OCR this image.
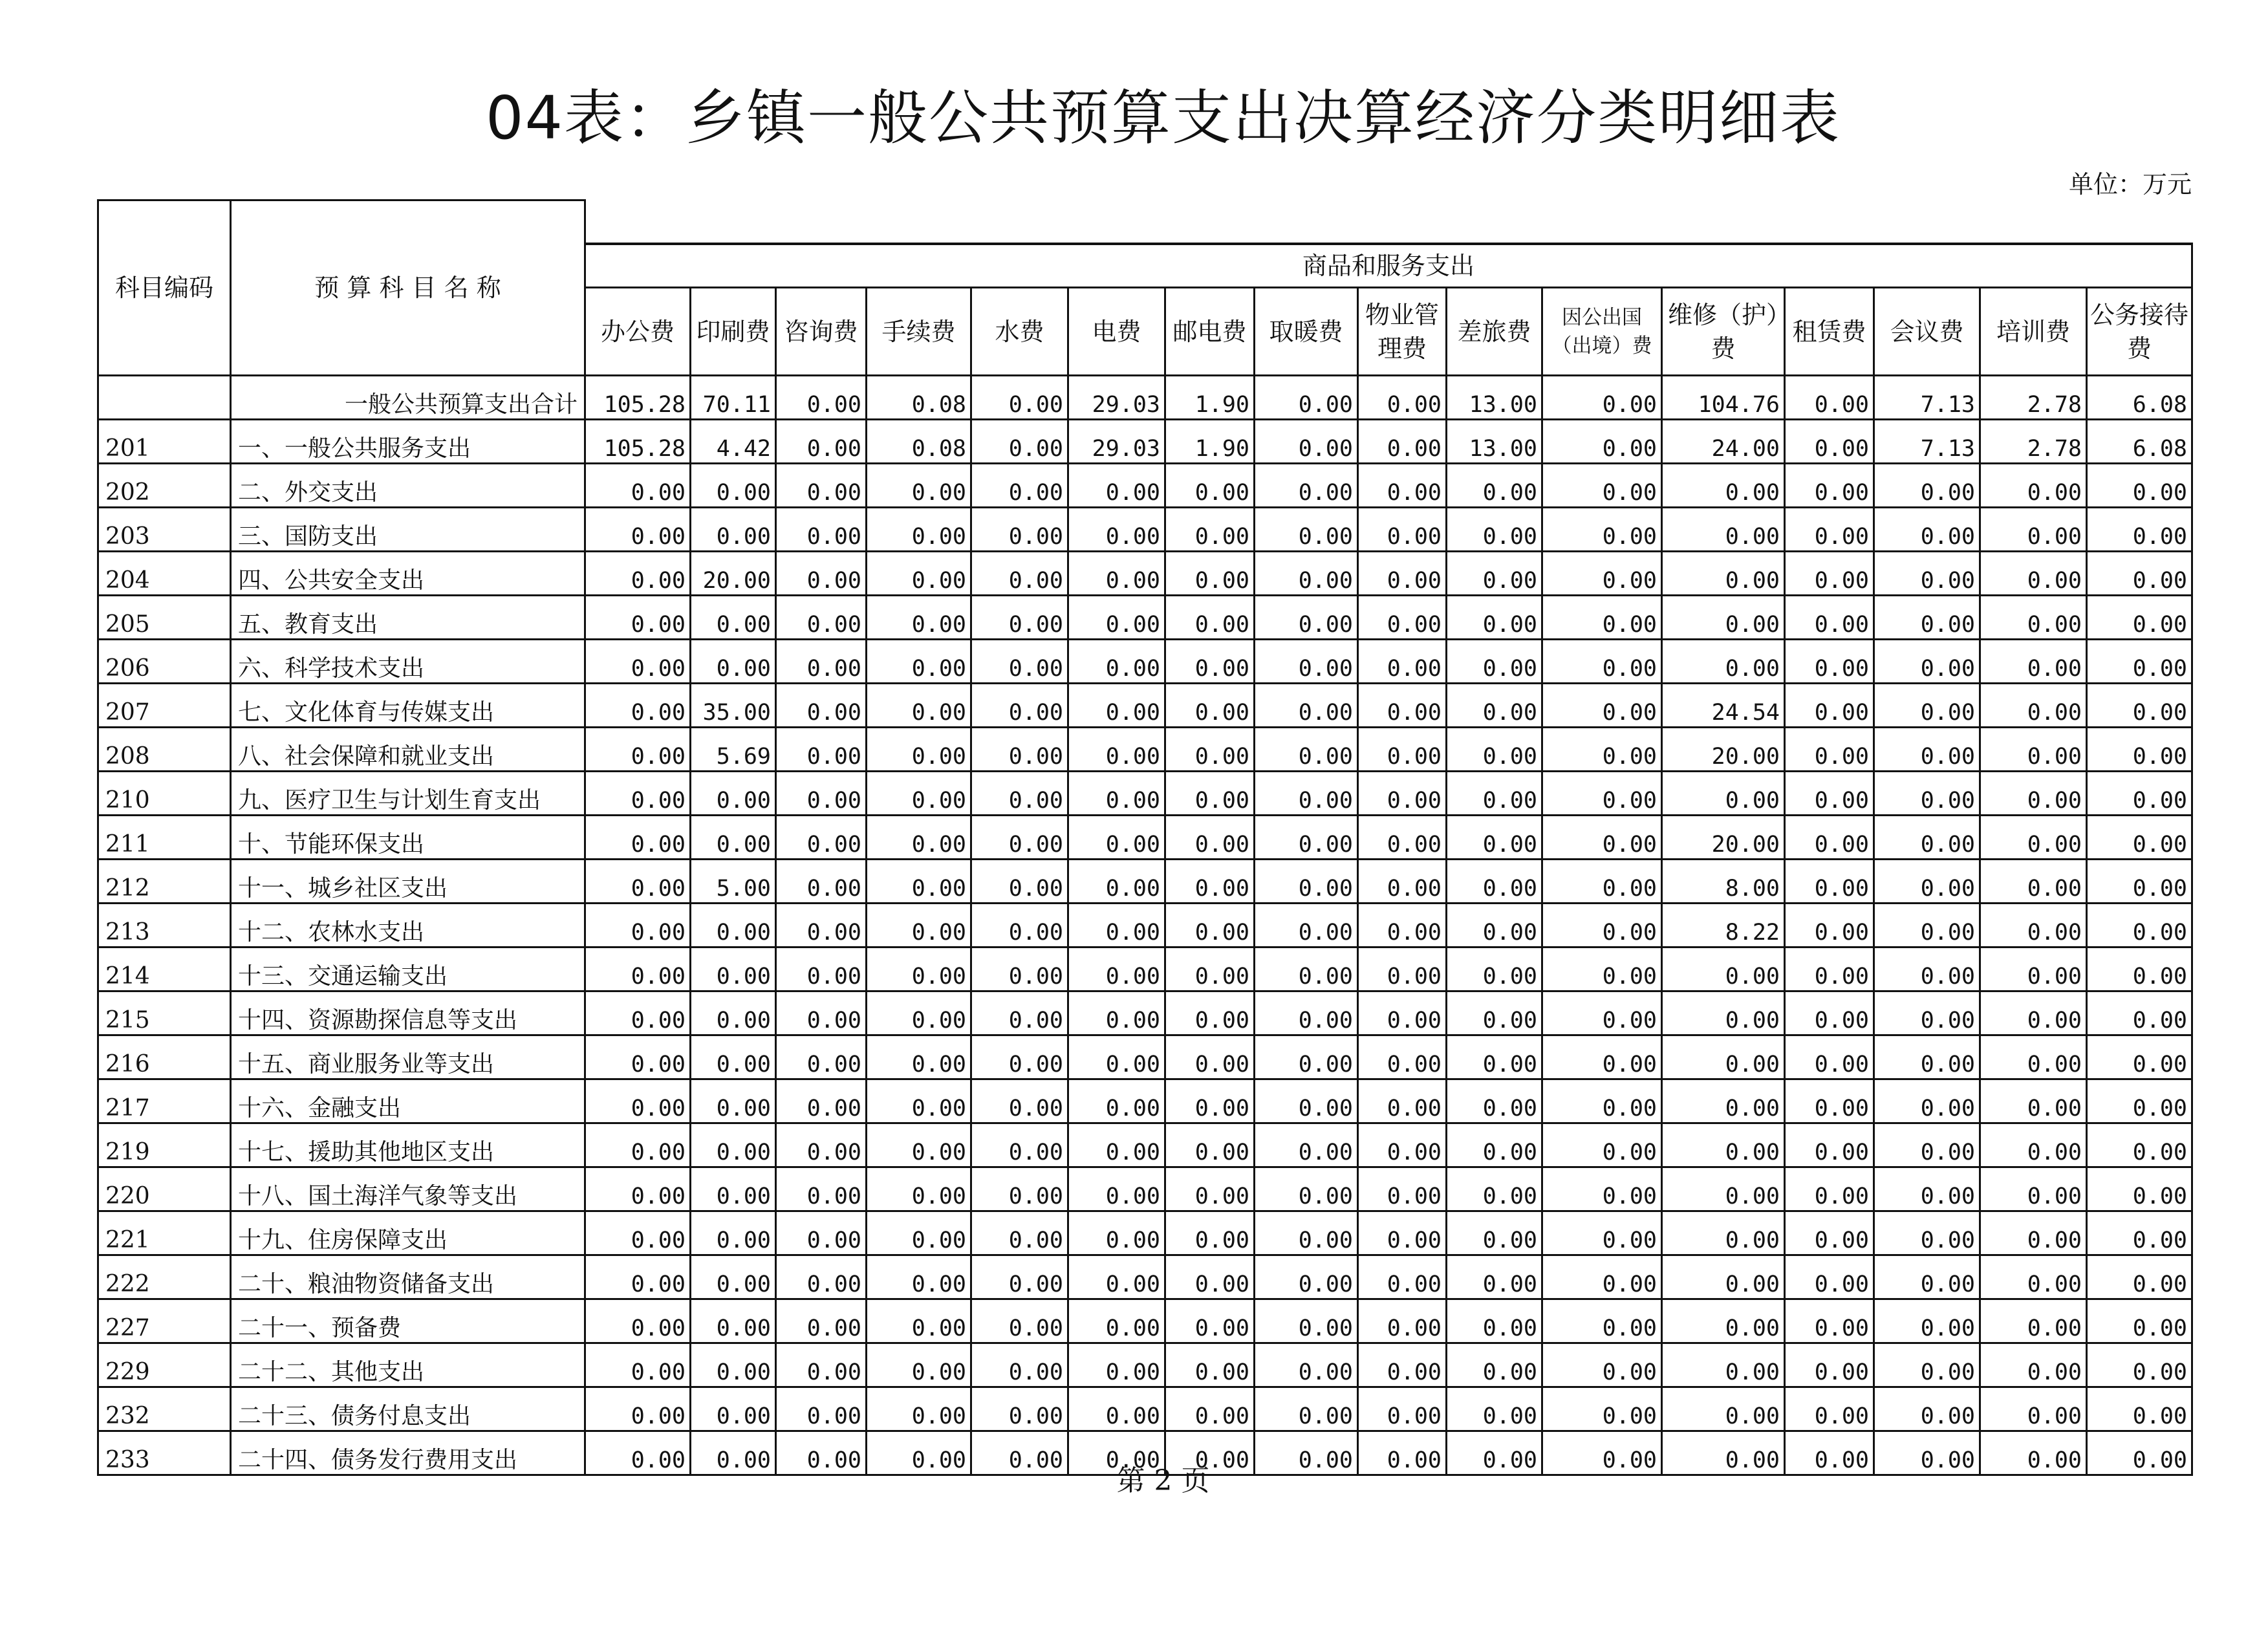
04表：乡镇一般公共预算支出决算经济分类明细表
单位：万元
科目编码	预 算 科 目 名 称																
		商品和服务支出															
		办公费	印刷费	咨询费	手续费	水费	电费	邮电费	取暖费	物业管理费	差旅费	因公出国（出境）费	维修（护）费	租赁费	会议费	培训费	公务接待费
	一般公共预算支出合计	105.28	70.11	0.00	0.08	0.00	29.03	1.90	0.00	0.00	13.00	0.00	104.76	0.00	7.13	2.78	6.08
201	一、一般公共服务支出	105.28	4.42	0.00	0.08	0.00	29.03	1.90	0.00	0.00	13.00	0.00	24.00	0.00	7.13	2.78	6.08
202	二、外交支出	0.00	0.00	0.00	0.00	0.00	0.00	0.00	0.00	0.00	0.00	0.00	0.00	0.00	0.00	0.00	0.00
203	三、国防支出	0.00	0.00	0.00	0.00	0.00	0.00	0.00	0.00	0.00	0.00	0.00	0.00	0.00	0.00	0.00	0.00
204	四、公共安全支出	0.00	20.00	0.00	0.00	0.00	0.00	0.00	0.00	0.00	0.00	0.00	0.00	0.00	0.00	0.00	0.00
205	五、教育支出	0.00	0.00	0.00	0.00	0.00	0.00	0.00	0.00	0.00	0.00	0.00	0.00	0.00	0.00	0.00	0.00
206	六、科学技术支出	0.00	0.00	0.00	0.00	0.00	0.00	0.00	0.00	0.00	0.00	0.00	0.00	0.00	0.00	0.00	0.00
207	七、文化体育与传媒支出	0.00	35.00	0.00	0.00	0.00	0.00	0.00	0.00	0.00	0.00	0.00	24.54	0.00	0.00	0.00	0.00
208	八、社会保障和就业支出	0.00	5.69	0.00	0.00	0.00	0.00	0.00	0.00	0.00	0.00	0.00	20.00	0.00	0.00	0.00	0.00
210	九、医疗卫生与计划生育支出	0.00	0.00	0.00	0.00	0.00	0.00	0.00	0.00	0.00	0.00	0.00	0.00	0.00	0.00	0.00	0.00
211	十、节能环保支出	0.00	0.00	0.00	0.00	0.00	0.00	0.00	0.00	0.00	0.00	0.00	20.00	0.00	0.00	0.00	0.00
212	十一、城乡社区支出	0.00	5.00	0.00	0.00	0.00	0.00	0.00	0.00	0.00	0.00	0.00	8.00	0.00	0.00	0.00	0.00
213	十二、农林水支出	0.00	0.00	0.00	0.00	0.00	0.00	0.00	0.00	0.00	0.00	0.00	8.22	0.00	0.00	0.00	0.00
214	十三、交通运输支出	0.00	0.00	0.00	0.00	0.00	0.00	0.00	0.00	0.00	0.00	0.00	0.00	0.00	0.00	0.00	0.00
215	十四、资源勘探信息等支出	0.00	0.00	0.00	0.00	0.00	0.00	0.00	0.00	0.00	0.00	0.00	0.00	0.00	0.00	0.00	0.00
216	十五、商业服务业等支出	0.00	0.00	0.00	0.00	0.00	0.00	0.00	0.00	0.00	0.00	0.00	0.00	0.00	0.00	0.00	0.00
217	十六、金融支出	0.00	0.00	0.00	0.00	0.00	0.00	0.00	0.00	0.00	0.00	0.00	0.00	0.00	0.00	0.00	0.00
219	十七、援助其他地区支出	0.00	0.00	0.00	0.00	0.00	0.00	0.00	0.00	0.00	0.00	0.00	0.00	0.00	0.00	0.00	0.00
220	十八、国土海洋气象等支出	0.00	0.00	0.00	0.00	0.00	0.00	0.00	0.00	0.00	0.00	0.00	0.00	0.00	0.00	0.00	0.00
221	十九、住房保障支出	0.00	0.00	0.00	0.00	0.00	0.00	0.00	0.00	0.00	0.00	0.00	0.00	0.00	0.00	0.00	0.00
222	二十、粮油物资储备支出	0.00	0.00	0.00	0.00	0.00	0.00	0.00	0.00	0.00	0.00	0.00	0.00	0.00	0.00	0.00	0.00
227	二十一、预备费	0.00	0.00	0.00	0.00	0.00	0.00	0.00	0.00	0.00	0.00	0.00	0.00	0.00	0.00	0.00	0.00
229	二十二、其他支出	0.00	0.00	0.00	0.00	0.00	0.00	0.00	0.00	0.00	0.00	0.00	0.00	0.00	0.00	0.00	0.00
232	二十三、债务付息支出	0.00	0.00	0.00	0.00	0.00	0.00	0.00	0.00	0.00	0.00	0.00	0.00	0.00	0.00	0.00	0.00
233	二十四、债务发行费用支出	0.00	0.00	0.00	0.00	0.00	0.00	0.00	0.00	0.00	0.00	0.00	0.00	0.00	0.00	0.00	0.00
第 2 页
